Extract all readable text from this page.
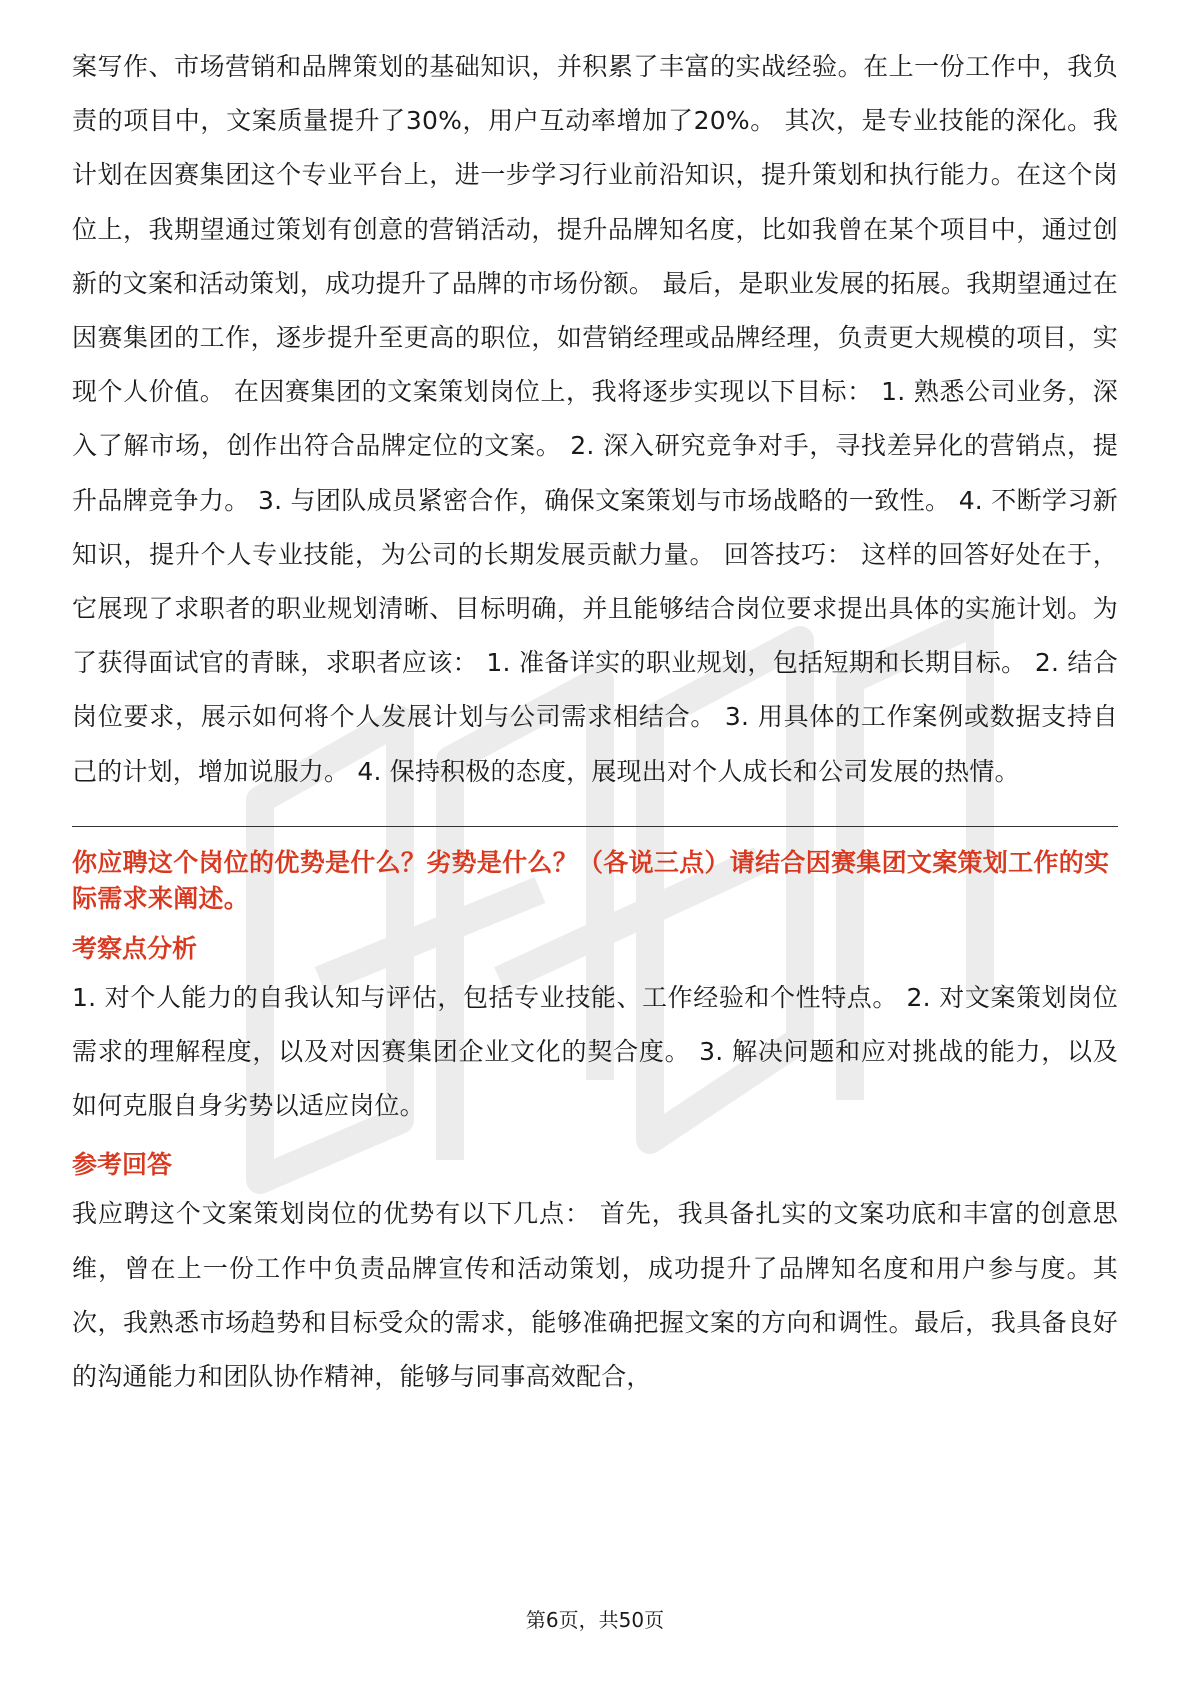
案写作、市场营销和品牌策划的基础知识，并积累了丰富的实战经验。在上一份工作中，我负责的项目中，文案质量提升了30%，用户互动率增加了20%。 其次，是专业技能的深化。我计划在因赛集团这个专业平台上，进一步学习行业前沿知识，提升策划和执行能力。在这个岗位上，我期望通过策划有创意的营销活动，提升品牌知名度，比如我曾在某个项目中，通过创新的文案和活动策划，成功提升了品牌的市场份额。 最后，是职业发展的拓展。我期望通过在因赛集团的工作，逐步提升至更高的职位，如营销经理或品牌经理，负责更大规模的项目，实现个人价值。 在因赛集团的文案策划岗位上，我将逐步实现以下目标： 1. 熟悉公司业务，深入了解市场，创作出符合品牌定位的文案。 2. 深入研究竞争对手，寻找差异化的营销点，提升品牌竞争力。 3. 与团队成员紧密合作，确保文案策划与市场战略的一致性。 4. 不断学习新知识，提升个人专业技能，为公司的长期发展贡献力量。 回答技巧： 这样的回答好处在于，它展现了求职者的职业规划清晰、目标明确，并且能够结合岗位要求提出具体的实施计划。为了获得面试官的青睐，求职者应该： 1. 准备详实的职业规划，包括短期和长期目标。 2. 结合岗位要求，展示如何将个人发展计划与公司需求相结合。 3. 用具体的工作案例或数据支持自己的计划，增加说服力。 4. 保持积极的态度，展现出对个人成长和公司发展的热情。

你应聘这个岗位的优势是什么？劣势是什么？（各说三点）请结合因赛集团文案策划工作的实际需求来阐述。

考察点分析

1. 对个人能力的自我认知与评估，包括专业技能、工作经验和个性特点。 2. 对文案策划岗位需求的理解程度，以及对因赛集团企业文化的契合度。 3. 解决问题和应对挑战的能力，以及如何克服自身劣势以适应岗位。

参考回答

我应聘这个文案策划岗位的优势有以下几点： 首先，我具备扎实的文案功底和丰富的创意思维，曾在上一份工作中负责品牌宣传和活动策划，成功提升了品牌知名度和用户参与度。其次，我熟悉市场趋势和目标受众的需求，能够准确把握文案的方向和调性。最后，我具备良好的沟通能力和团队协作精神，能够与同事高效配合，

第6页，共50页
